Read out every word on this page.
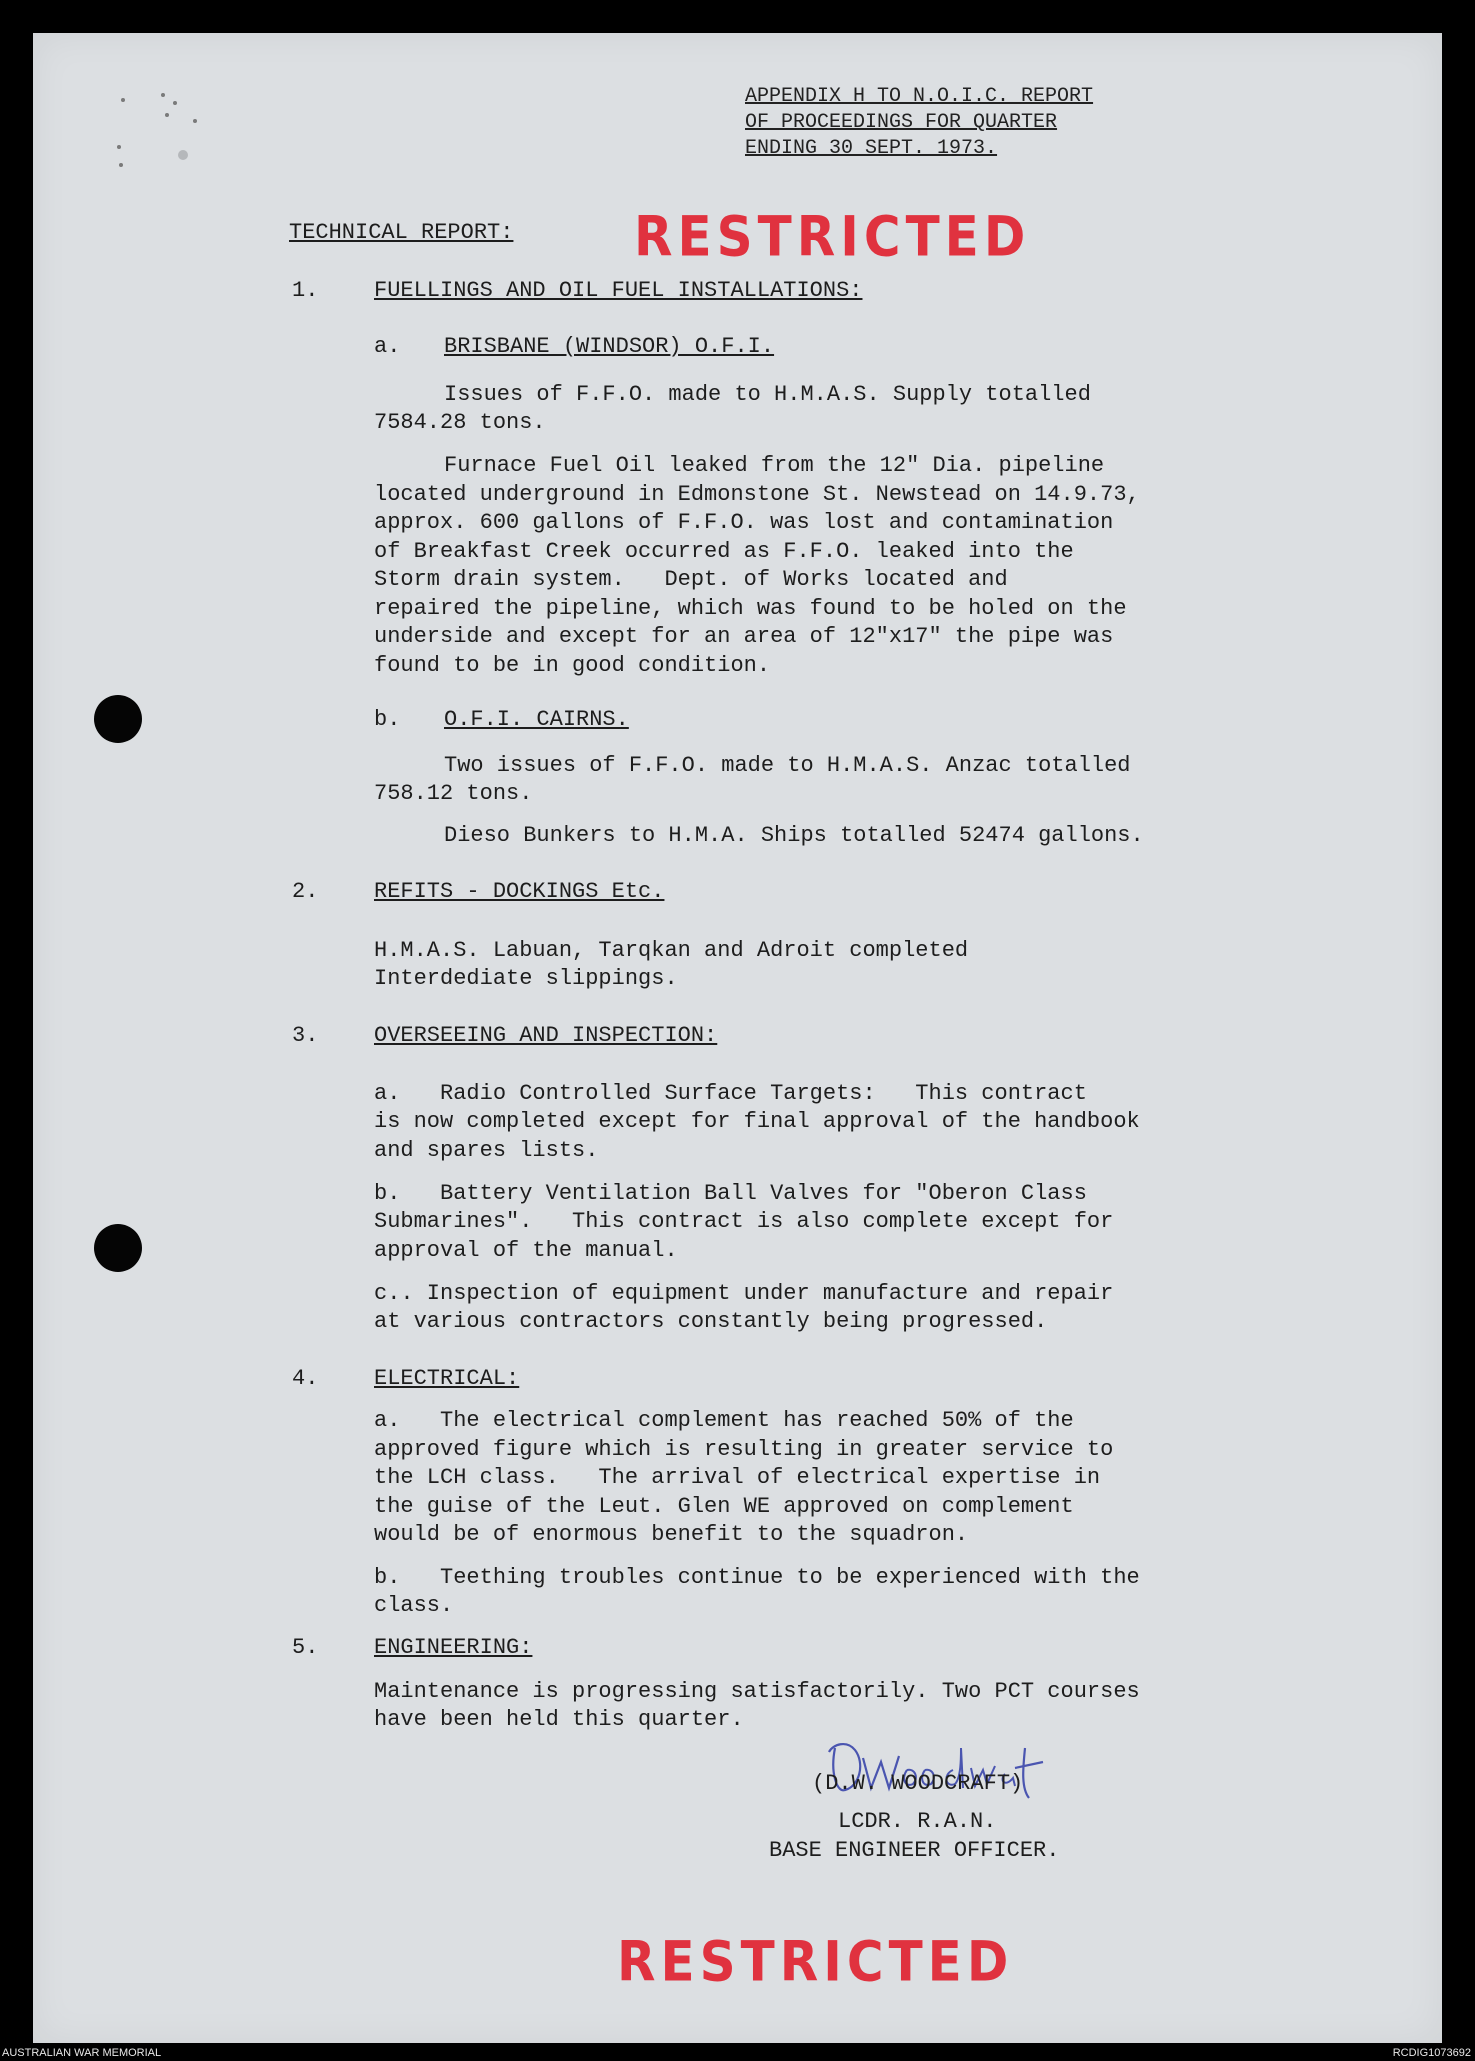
APPENDIX H TO N.O.I.C. REPORT
OF PROCEEDINGS FOR QUARTER
ENDING 30 SEPT. 1973.
TECHNICAL REPORT: RESTRICTED
1.	FUELLINGS AND OIL FUEL INSTALLATIONS:
a. BRISBANE (WINDSOR) O.F.I.
Issues of F.F.O. made to H.M.A.S. Supply totalled
7584.28 tons.
Furnace Fuel Oil leaked from the 12" Dia. pipeline
located underground in Edmonstone St. Newstead on 14.9.73,
approx. 600 gallons of F.F.O. was lost and contamination
of Breakfast Creek occurred as F.F.O. leaked into the
Storm drain system.   Dept. of Works located and
repaired the pipeline, which was found to be holed on the
underside and except for an area of 12"x17" the pipe was
found to be in good condition.
b. O.F.I. CAIRNS.
Two issues of F.F.O. made to H.M.A.S. Anzac totalled
758.12 tons.
Dieso Bunkers to H.M.A. Ships totalled 52474 gallons.
2.	REFITS - DOCKINGS Etc.
H.M.A.S. Labuan, Tarqkan and Adroit completed
Interdediate slippings.
3.	OVERSEEING AND INSPECTION:
a.   Radio Controlled Surface Targets:   This contract
is now completed except for final approval of the handbook
and spares lists.
b.   Battery Ventilation Ball Valves for "Oberon Class
Submarines".   This contract is also complete except for
approval of the manual.
c.. Inspection of equipment under manufacture and repair
at various contractors constantly being progressed.
4.	ELECTRICAL:
a.   The electrical complement has reached 50% of the
approved figure which is resulting in greater service to
the LCH class.   The arrival of electrical expertise in
the guise of the Leut. Glen WE approved on complement
would be of enormous benefit to the squadron.
b.   Teething troubles continue to be experienced with the
class.
5.	ENGINEERING:
Maintenance is progressing satisfactorily. Two PCT courses
have been held this quarter.
(D.W. WOODCRAFT)
LCDR. R.A.N.
BASE ENGINEER OFFICER.
RESTRICTED
AUSTRALIAN WAR MEMORIAL	RCDIG1073692
